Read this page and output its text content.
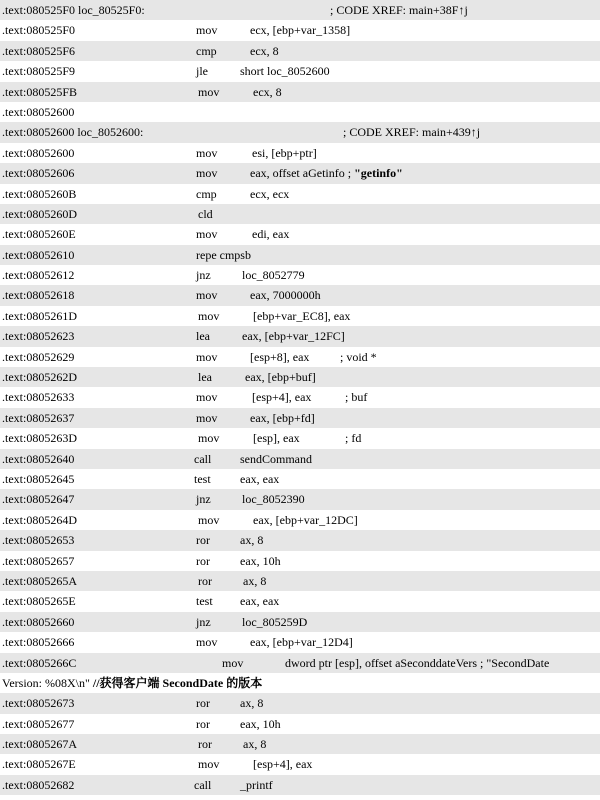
.text:080525F0 loc_80525F0:	; CODE XREF: main+38F↑j
.text:080525F0	mov	ecx, [ebp+var_1358]
.text:080525F6	cmp	ecx, 8
.text:080525F9	jle	short loc_8052600
.text:080525FB	mov	ecx, 8
.text:08052600
.text:08052600 loc_8052600:	; CODE XREF: main+439↑j
.text:08052600	mov	esi, [ebp+ptr]
.text:08052606	mov	eax, offset aGetinfo ; "getinfo"
.text:0805260B	cmp	ecx, ecx
.text:0805260D	cld
.text:0805260E	mov	edi, eax
.text:08052610	repe cmpsb
.text:08052612	jnz	loc_8052779
.text:08052618	mov	eax, 7000000h
.text:0805261D	mov	[ebp+var_EC8], eax
.text:08052623	lea	eax, [ebp+var_12FC]
.text:08052629	mov	[esp+8], eax	; void *
.text:0805262D	lea	eax, [ebp+buf]
.text:08052633	mov	[esp+4], eax	; buf
.text:08052637	mov	eax, [ebp+fd]
.text:0805263D	mov	[esp], eax	; fd
.text:08052640	call sendCommand
.text:08052645	test eax, eax
.text:08052647	jnz	loc_8052390
.text:0805264D	mov	eax, [ebp+var_12DC]
.text:08052653	ror	ax, 8
.text:08052657	ror	eax, 10h
.text:0805265A	ror	ax, 8
.text:0805265E	test eax, eax
.text:08052660	jnz	loc_805259D
.text:08052666	mov	eax, [ebp+var_12D4]
.text:0805266C	mov	dword ptr [esp], offset aSeconddateVers ; "SecondDate
Version: %08X\n" //获得客户端 SecondDate 的版本
.text:08052673	ror	ax, 8
.text:08052677	ror	eax, 10h
.text:0805267A	ror	ax, 8
.text:0805267E	mov	[esp+4], eax
.text:08052682	call _printf
